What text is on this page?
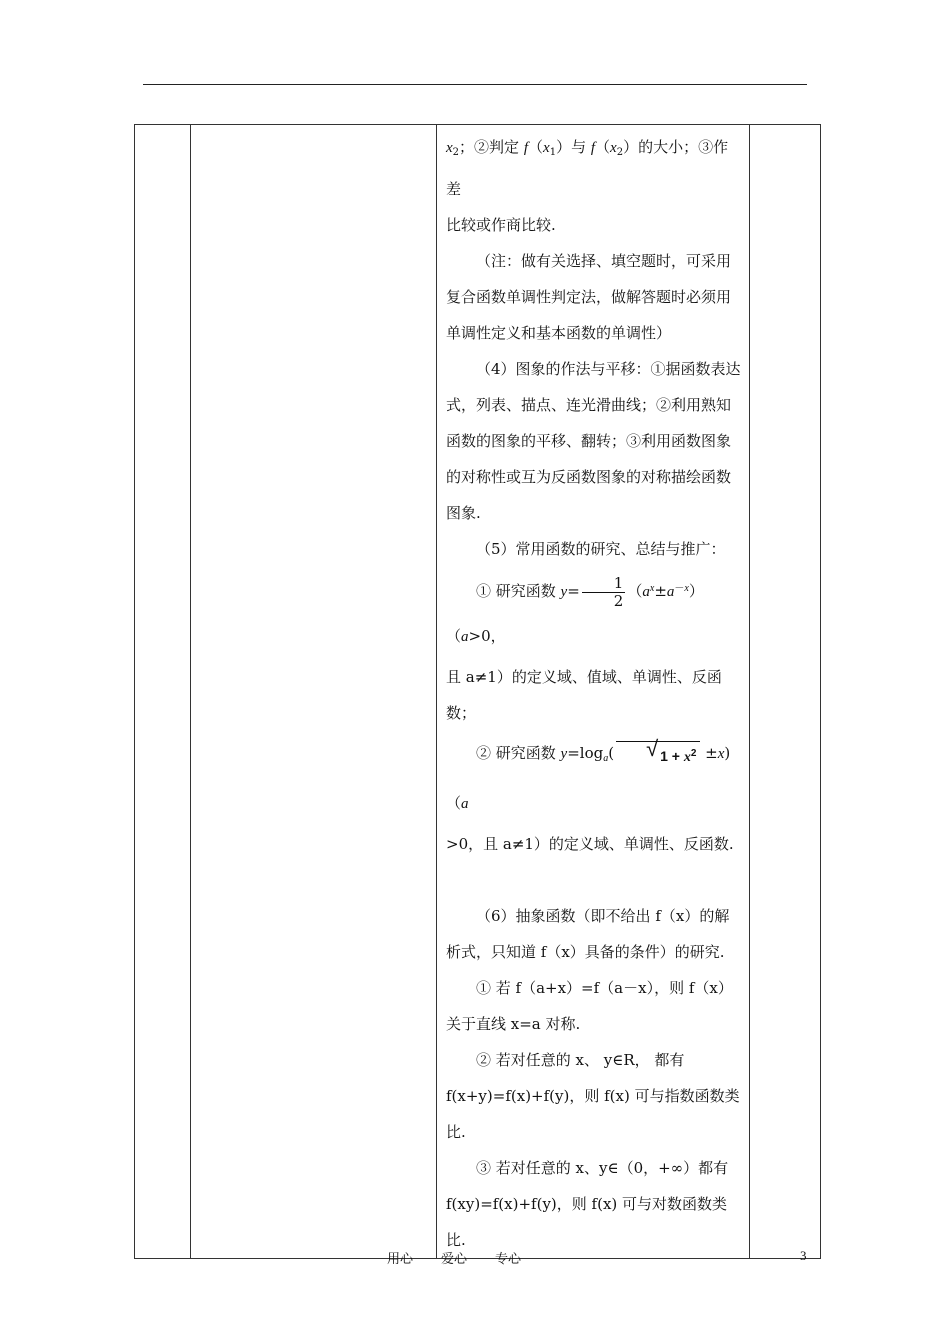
$x_2$；②判定 $f(x_1)$与 $f(x_2)$的大小；③作差

比较或作商比较.

（注：做有关选择、填空题时，可采用复合函数单调性判定法，做解答题时必须用单调性定义和基本函数的单调性）

（4）图象的作法与平移：①据函数表达式，列表、描点、连光滑曲线；②利用熟知函数的图象的平移、翻转；③利用函数图象的对称性或互为反函数图象的对称描绘函数图象.

（5）常用函数的研究、总结与推广：

① 研究函数 $y= \frac{1}{2} (a^x\pm a^{-x})(a>0$，

且 a≠1）的定义域、值域、单调性、反函数；

② 研究函数 $y=\log_a(√$	$1 + x^2 \pm x)(a$

>0，且 a≠1）的定义域、单调性、反函数.

（6）抽象函数（即不给出 f（x）的解析式，只知道 f（x）具备的条件）的研究.

① 若 f（a+x）=f（a－x），则 f（x）关于直线 x=a 对称.

② 若对任意的 x、 y∈R， 都有 f(x+y)=f(x)+f(y)，则 f(x) 可与指数函数类比.

③ 若对任意的 x、y∈（0，+∞）都有 f(xy)=f(x)+f(y)，则 f(x) 可与对数函数类比.

用心 爱心 专心	3
